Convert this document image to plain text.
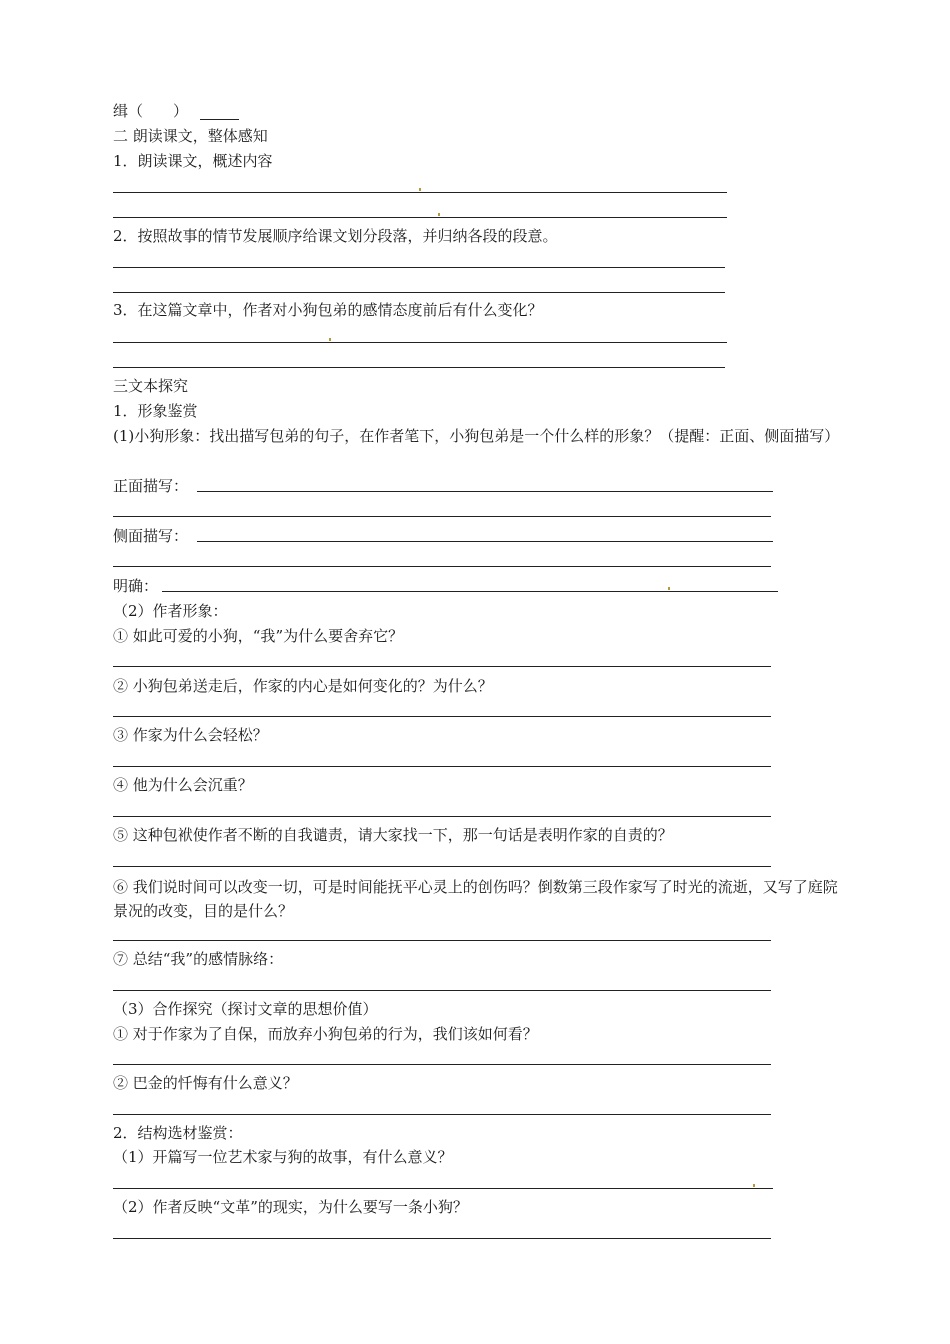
缉（　　）
二 朗读课文，整体感知
1．朗读课文，概述内容
2．按照故事的情节发展顺序给课文划分段落，并归纳各段的段意。
3．在这篇文章中，作者对小狗包弟的感情态度前后有什么变化？
三文本探究
1．形象鉴赏
(1)小狗形象：找出描写包弟的句子，在作者笔下，小狗包弟是一个什么样的形象？（提醒：正面、侧面描写）
正面描写：
侧面描写：
明确：
（2）作者形象：
① 如此可爱的小狗，“我”为什么要舍弃它？
② 小狗包弟送走后，作家的内心是如何变化的？为什么？
③ 作家为什么会轻松？
④ 他为什么会沉重？
⑤ 这种包袱使作者不断的自我谴责，请大家找一下，那一句话是表明作家的自责的？
⑥ 我们说时间可以改变一切，可是时间能抚平心灵上的创伤吗？倒数第三段作家写了时光的流逝，又写了庭院景况的改变，目的是什么？
⑦ 总结“我”的感情脉络：
（3）合作探究（探讨文章的思想价值）
① 对于作家为了自保，而放弃小狗包弟的行为，我们该如何看？
② 巴金的忏悔有什么意义？
2．结构选材鉴赏：
（1）开篇写一位艺术家与狗的故事，有什么意义？
（2）作者反映“文革”的现实，为什么要写一条小狗？
